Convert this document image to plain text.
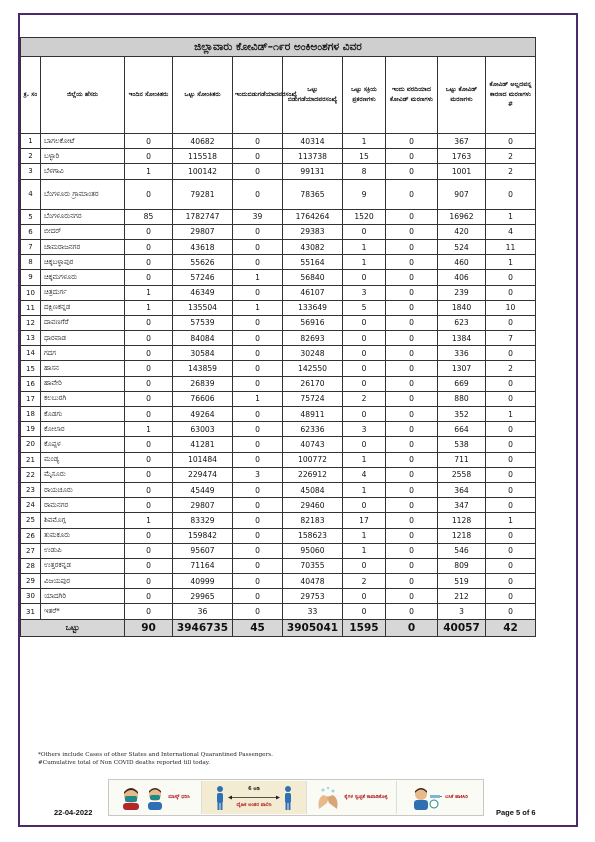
ಜಿಲ್ಲಾವಾರು ಕೋವಿಡ್–೧೯ರ ಅಂಕಿಅಂಶಗಳ ವಿವರ									
ಕ್ರ. ಸಂ	ಜಿಲ್ಲೆಯ ಹೆಸರು	ಇಂದಿನ ಸೋಂಕಿತರು	ಒಟ್ಟು ಸೋಂಕಿತರು	ಇಂದುಬಿಡುಗಡೆಯಾದವರಸಂಖ್ಯೆ	ಒಟ್ಟು ಬಿಡುಗಡೆಯಾದವರಸಂಖ್ಯೆ	ಒಟ್ಟು ಸಕ್ರಿಯ ಪ್ರಕರಣಗಳು	ಇಂದು ವರದಿಯಾದ ಕೋವಿಡ್ ಮರಣಗಳು	ಒಟ್ಟು ಕೋವಿಡ್ ಮರಣಗಳು	ಕೋವಿಡ್ ಅಲ್ಲದವನ್ನ ಕಾರಣದ ಮರಣಗಳು #
1	ಬಾಗಲಕೋಟೆ	0	40682	0	40314	1	0	367	0
2	ಬಳ್ಳಾರಿ	0	115518	0	113738	15	0	1763	2
3	ಬೆಳಗಾವಿ	1	100142	0	99131	8	0	1001	2
4	ಬೆಂಗಳೂರು ಗ್ರಾಮಾಂತರ	0	79281	0	78365	9	0	907	0
5	ಬೆಂಗಳೂರುನಗರ	85	1782747	39	1764264	1520	0	16962	1
6	ಬೀದರ್	0	29807	0	29383	0	0	420	4
7	ಚಾಮರಾಜನಗರ	0	43618	0	43082	1	0	524	11
8	ಚಿಕ್ಕಬಳ್ಳಾಪುರ	0	55626	0	55164	1	0	460	1
9	ಚಿಕ್ಕಮಗಳೂರು	0	57246	1	56840	0	0	406	0
10	ಚಿತ್ರದುರ್ಗ	1	46349	0	46107	3	0	239	0
11	ದಕ್ಷಿಣಕನ್ನಡ	1	135504	1	133649	5	0	1840	10
12	ದಾವಣಗೆರೆ	0	57539	0	56916	0	0	623	0
13	ಧಾರವಾಡ	0	84084	0	82693	0	0	1384	7
14	ಗದಗ	0	30584	0	30248	0	0	336	0
15	ಹಾಸನ	0	143859	0	142550	0	0	1307	2
16	ಹಾವೇರಿ	0	26839	0	26170	0	0	669	0
17	ಕಲಬುರಗಿ	0	76606	1	75724	2	0	880	0
18	ಕೊಡಗು	0	49264	0	48911	0	0	352	1
19	ಕೋಲಾರ	1	63003	0	62336	3	0	664	0
20	ಕೊಪ್ಪಳ	0	41281	0	40743	0	0	538	0
21	ಮಂಡ್ಯ	0	101484	0	100772	1	0	711	0
22	ಮೈಸೂರು	0	229474	3	226912	4	0	2558	0
23	ರಾಯಚೂರು	0	45449	0	45084	1	0	364	0
24	ರಾಮನಗರ	0	29807	0	29460	0	0	347	0
25	ಶಿವಮೊಗ್ಗ	1	83329	0	82183	17	0	1128	1
26	ತುಮಕೂರು	0	159842	0	158623	1	0	1218	0
27	ಉಡುಪಿ	0	95607	0	95060	1	0	546	0
28	ಉತ್ತರಕನ್ನಡ	0	71164	0	70355	0	0	809	0
29	ವಿಜಯಪುರ	0	40999	0	40478	2	0	519	0
30	ಯಾದಗಿರಿ	0	29965	0	29753	0	0	212	0
31	ಇತರೆ*	0	36	0	33	0	0	3	0
ಒಟ್ಟು		90	3946735	45	3905041	1595	0	40057	42
*Others include Cases of other States and International Quarantined Passengers.
#Cumulative total of Non COVID deaths reported till today.
ಮಾಸ್ಕ್ ಧರಿಸಿ
6 ಅಡಿ
ದೈಹಿಕ ಅಂತರ ಪಾಲಿಸಿ
ಕೈಗಳ ಸ್ವಚ್ಛತೆ ಕಾಪಾಡಿಕೊಳ್ಳಿ	ಲಸಿಕೆ ಹಾಕಿಸಿರಿ
22-04-2022	Page 5 of 6
